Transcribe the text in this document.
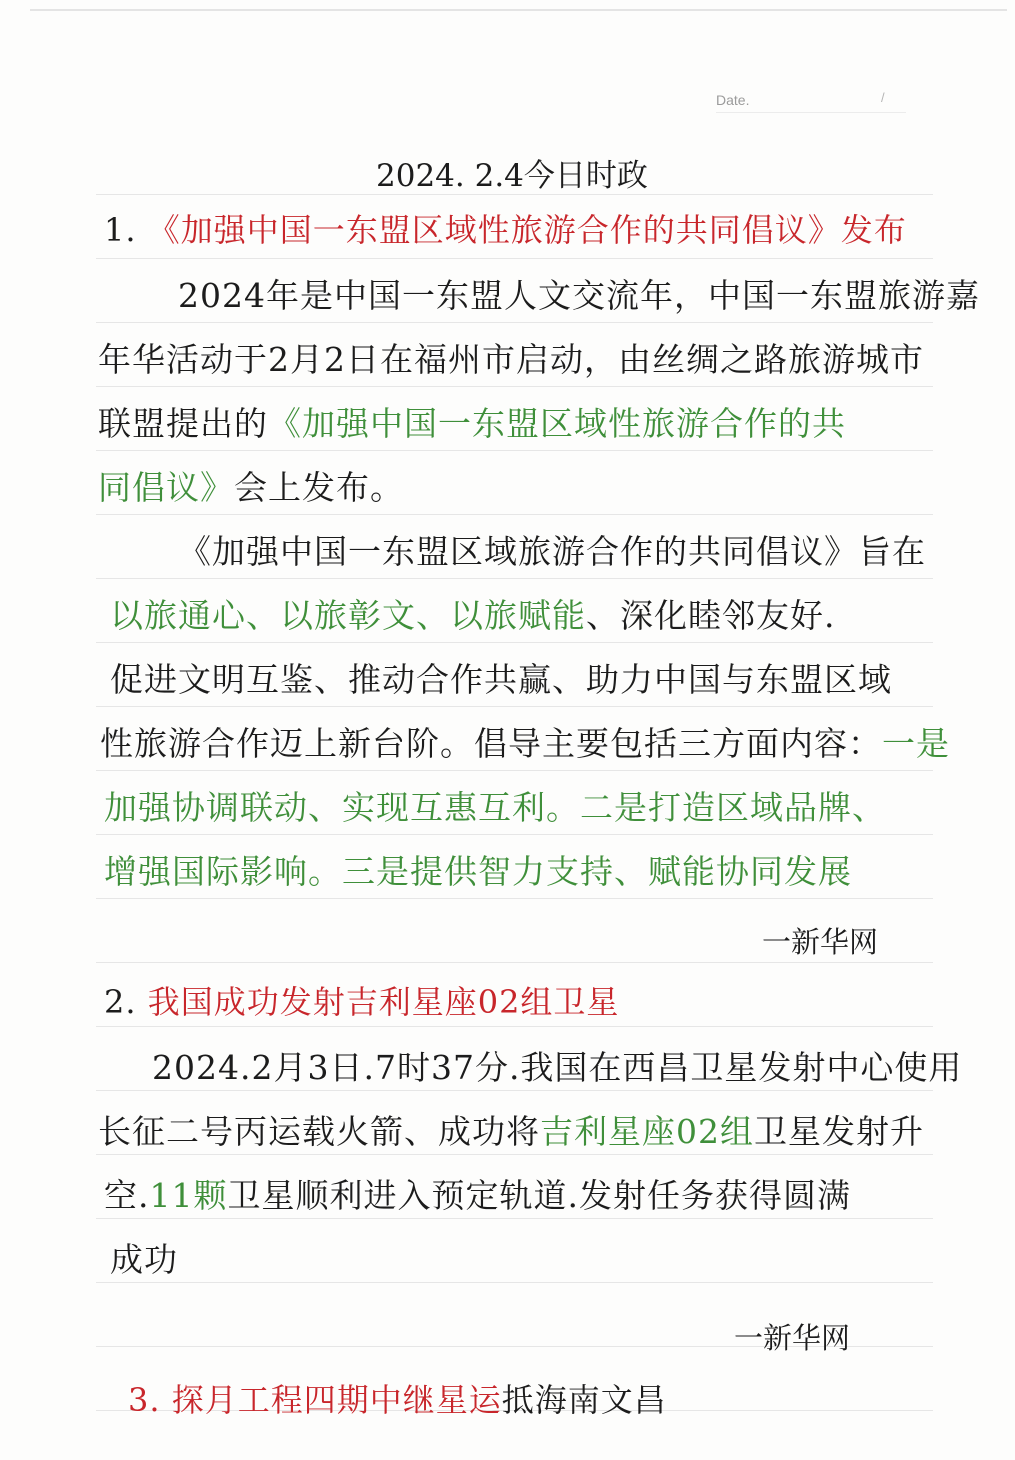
Date.	/
2024. 2.4今日时政
1. 《加强中国一东盟区域性旅游合作的共同倡议》发布
2024年是中国一东盟人文交流年，中国一东盟旅游嘉
年华活动于2月2日在福州市启动，由丝绸之路旅游城市
联盟提出的《加强中国一东盟区域性旅游合作的共
同倡议》会上发布。
《加强中国一东盟区域旅游合作的共同倡议》旨在
以旅通心、以旅彰文、以旅赋能、深化睦邻友好.
促进文明互鉴、推动合作共赢、助力中国与东盟区域
性旅游合作迈上新台阶。倡导主要包括三方面内容：一是
加强协调联动、实现互惠互利。二是打造区域品牌、
增强国际影响。三是提供智力支持、赋能协同发展
一新华网
2. 我国成功发射吉利星座02组卫星
2024.2月3日.7时37分.我国在西昌卫星发射中心使用
长征二号丙运载火箭、成功将吉利星座02组卫星发射升
空.11颗卫星顺利进入预定轨道.发射任务获得圆满
成功
一新华网
3. 探月工程四期中继星运抵海南文昌
